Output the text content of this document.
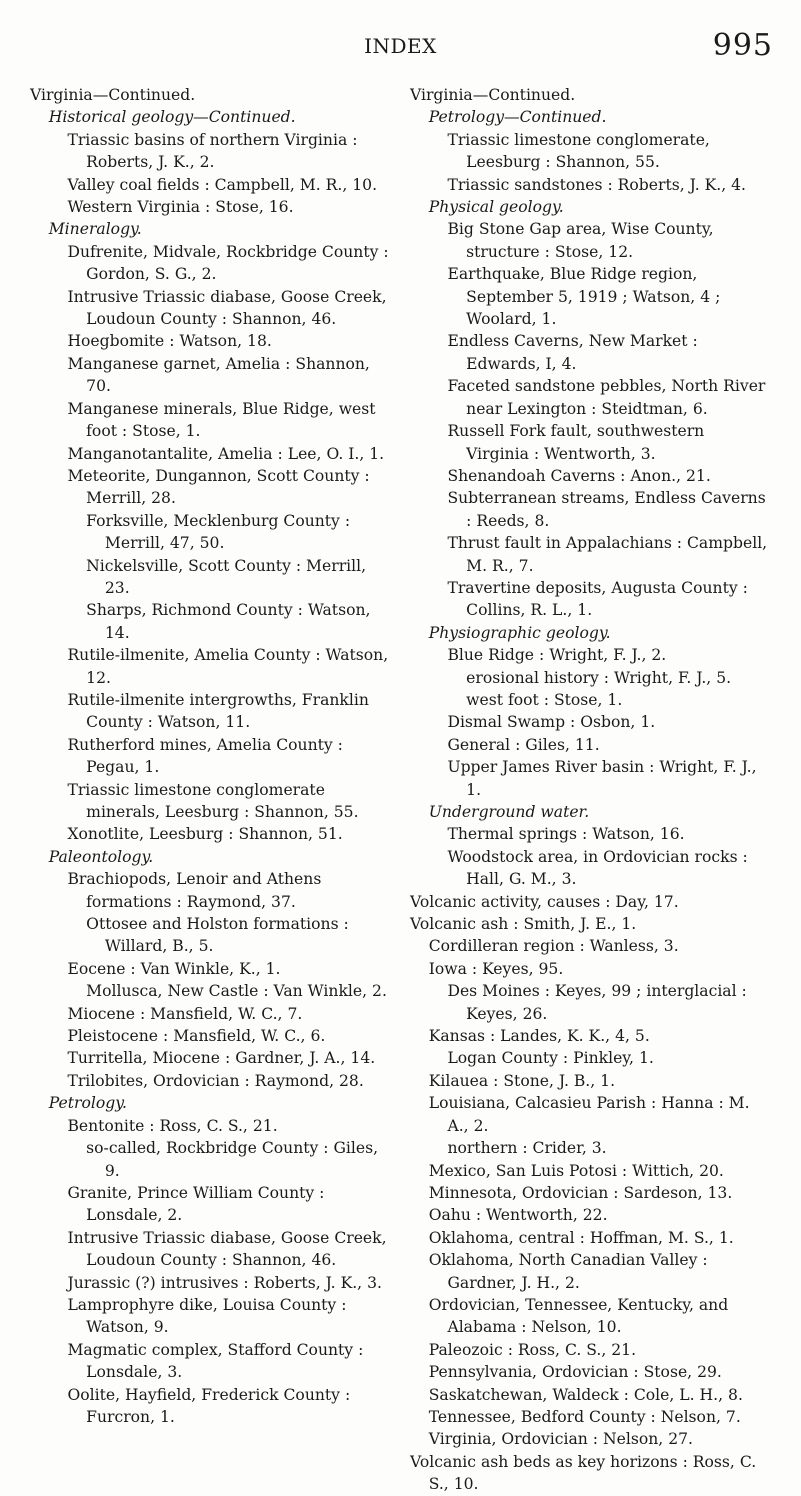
INDEX	995
Virginia—Continued.
Historical geology—Continued.
Triassic basins of northern Virginia : Roberts, J. K., 2.
Valley coal fields : Campbell, M. R., 10.
Western Virginia : Stose, 16.
Mineralogy.
Dufrenite, Midvale, Rockbridge County : Gordon, S. G., 2.
Intrusive Triassic diabase, Goose Creek, Loudoun County : Shannon, 46.
Hoegbomite : Watson, 18.
Manganese garnet, Amelia : Shannon, 70.
Manganese minerals, Blue Ridge, west foot : Stose, 1.
Manganotantalite, Amelia : Lee, O. I., 1.
Meteorite, Dungannon, Scott County : Merrill, 28.
Forksville, Mecklenburg County : Merrill, 47, 50.
Nickelsville, Scott County : Merrill, 23.
Sharps, Richmond County : Watson, 14.
Rutile-ilmenite, Amelia County : Watson, 12.
Rutile-ilmenite intergrowths, Franklin County : Watson, 11.
Rutherford mines, Amelia County : Pegau, 1.
Triassic limestone conglomerate minerals, Leesburg : Shannon, 55.
Xonotlite, Leesburg : Shannon, 51.
Paleontology.
Brachiopods, Lenoir and Athens formations : Raymond, 37.
Ottosee and Holston formations : Willard, B., 5.
Eocene : Van Winkle, K., 1.
Mollusca, New Castle : Van Winkle, 2.
Miocene : Mansfield, W. C., 7.
Pleistocene : Mansfield, W. C., 6.
Turritella, Miocene : Gardner, J. A., 14.
Trilobites, Ordovician : Raymond, 28.
Petrology.
Bentonite : Ross, C. S., 21.
so-called, Rockbridge County : Giles, 9.
Granite, Prince William County : Lonsdale, 2.
Intrusive Triassic diabase, Goose Creek, Loudoun County : Shannon, 46.
Jurassic (?) intrusives : Roberts, J. K., 3.
Lamprophyre dike, Louisa County : Watson, 9.
Magmatic complex, Stafford County : Lonsdale, 3.
Oolite, Hayfield, Frederick County : Furcron, 1.
Virginia—Continued.
Petrology—Continued.
Triassic limestone conglomerate, Leesburg : Shannon, 55.
Triassic sandstones : Roberts, J. K., 4.
Physical geology.
Big Stone Gap area, Wise County, structure : Stose, 12.
Earthquake, Blue Ridge region, September 5, 1919 ; Watson, 4 ; Woolard, 1.
Endless Caverns, New Market : Edwards, I, 4.
Faceted sandstone pebbles, North River near Lexington : Steidtman, 6.
Russell Fork fault, southwestern Virginia : Wentworth, 3.
Shenandoah Caverns : Anon., 21.
Subterranean streams, Endless Caverns : Reeds, 8.
Thrust fault in Appalachians : Campbell, M. R., 7.
Travertine deposits, Augusta County : Collins, R. L., 1.
Physiographic geology.
Blue Ridge : Wright, F. J., 2.
erosional history : Wright, F. J., 5.
west foot : Stose, 1.
Dismal Swamp : Osbon, 1.
General : Giles, 11.
Upper James River basin : Wright, F. J., 1.
Underground water.
Thermal springs : Watson, 16.
Woodstock area, in Ordovician rocks : Hall, G. M., 3.
Volcanic activity, causes : Day, 17.
Volcanic ash : Smith, J. E., 1.
Cordilleran region : Wanless, 3.
Iowa : Keyes, 95.
Des Moines : Keyes, 99 ; interglacial : Keyes, 26.
Kansas : Landes, K. K., 4, 5.
Logan County : Pinkley, 1.
Kilauea : Stone, J. B., 1.
Louisiana, Calcasieu Parish : Hanna : M. A., 2.
northern : Crider, 3.
Mexico, San Luis Potosi : Wittich, 20.
Minnesota, Ordovician : Sardeson, 13.
Oahu : Wentworth, 22.
Oklahoma, central : Hoffman, M. S., 1.
Oklahoma, North Canadian Valley : Gardner, J. H., 2.
Ordovician, Tennessee, Kentucky, and Alabama : Nelson, 10.
Paleozoic : Ross, C. S., 21.
Pennsylvania, Ordovician : Stose, 29.
Saskatchewan, Waldeck : Cole, L. H., 8.
Tennessee, Bedford County : Nelson, 7.
Virginia, Ordovician : Nelson, 27.
Volcanic ash beds as key horizons : Ross, C. S., 10.
